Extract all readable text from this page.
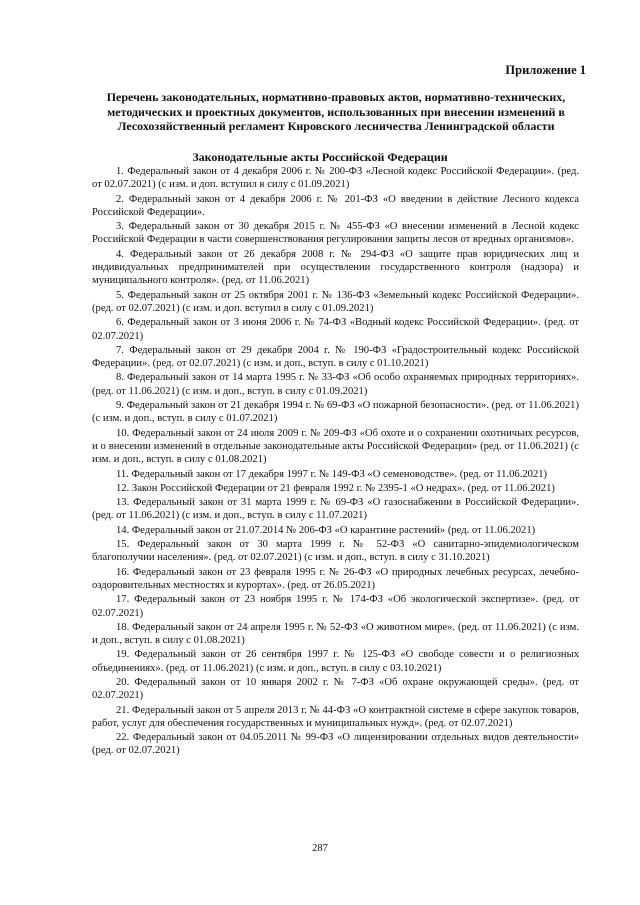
Приложение 1
Перечень законодательных, нормативно-правовых актов, нормативно-технических, методических и проектных документов, использованных при внесении изменений в Лесохозяйственный регламент Кировского лесничества Ленинградской области
Законодательные акты Российской Федерации

1. Федеральный закон от 4 декабря 2006 г. № 200-ФЗ «Лесной кодекс Российской Федерации». (ред. от 02.07.2021) (с изм. и доп. вступил в силу с 01.09.2021)

2. Федеральный закон от 4 декабря 2006 г. № 201-ФЗ «О введении в действие Лесного кодекса Российской Федерации».

3. Федеральный закон от 30 декабря 2015 г. № 455-ФЗ «О внесении изменений в Лесной кодекс Российской Федерации в части совершенствования регулирования защиты лесов от вредных организмов».

4. Федеральный закон от 26 декабря 2008 г. № 294-ФЗ «О защите прав юридических лиц и индивидуальных предпринимателей при осуществлении государственного контроля (надзора) и муниципального контроля». (ред. от 11.06.2021)

5. Федеральный закон от 25 октября 2001 г. № 136-ФЗ «Земельный кодекс Российской Федерации». (ред. от 02.07.2021) (с изм. и доп. вступил в силу с 01.09.2021)

6. Федеральный закон от 3 июня 2006 г. № 74-ФЗ «Водный кодекс Российской Федерации». (ред. от 02.07.2021)

7. Федеральный закон от 29 декабря 2004 г. № 190-ФЗ «Градостроительный кодекс Российской Федерации». (ред. от 02.07.2021) (с изм. и доп., вступ. в силу с 01.10.2021)

8. Федеральный закон от 14 марта 1995 г. № 33-ФЗ «Об особо охраняемых природных территориях». (ред. от 11.06.2021) (с изм. и доп., вступ. в силу с 01.09.2021)

9. Федеральный закон от 21 декабря 1994 г. № 69-ФЗ «О пожарной безопасности». (ред. от 11.06.2021) (с изм. и доп., вступ. в силу с 01.07.2021)

10. Федеральный закон от 24 июля 2009 г. № 209-ФЗ «Об охоте и о сохранении охотничьих ресурсов, и о внесении изменений в отдельные законодательные акты Российской Федерации» (ред. от 11.06.2021) (с изм. и доп., вступ. в силу с 01.08.2021)

11. Федеральный закон от 17 декабря 1997 г. № 149-ФЗ «О семеноводстве». (ред. от 11.06.2021)

12. Закон Российской Федерации от 21 февраля 1992 г. № 2395-1 «О недрах». (ред. от 11.06.2021)

13. Федеральный закон от 31 марта 1999 г. № 69-ФЗ «О газоснабжении в Российской Федерации». (ред. от 11.06.2021) (с изм. и доп., вступ. в силу с 11.07.2021)

14. Федеральный закон от 21.07.2014 № 206-ФЗ «О карантине растений» (ред. от 11.06.2021)

15. Федеральный закон от 30 марта 1999 г. № 52-ФЗ «О санитарно-эпидемиологическом благополучии населения». (ред. от 02.07.2021) (с изм. и доп., вступ. в силу с 31.10.2021)

16. Федеральный закон от 23 февраля 1995 г. № 26-ФЗ «О природных лечебных ресурсах, лечебно-оздоровительных местностях и курортах». (ред. от 26.05.2021)

17. Федеральный закон от 23 ноября 1995 г. № 174-ФЗ «Об экологической экспертизе». (ред. от 02.07.2021)

18. Федеральный закон от 24 апреля 1995 г. № 52-ФЗ «О животном мире». (ред. от 11.06.2021) (с изм. и доп., вступ. в силу с 01.08.2021)

19. Федеральный закон от 26 сентября 1997 г. № 125-ФЗ «О свободе совести и о религиозных объединениях». (ред. от 11.06.2021) (с изм. и доп., вступ. в силу с 03.10.2021)

20. Федеральный закон от 10 января 2002 г. № 7-ФЗ «Об охране окружающей среды». (ред. от 02.07.2021)

21. Федеральный закон от 5 апреля 2013 г. № 44-ФЗ «О контрактной системе в сфере закупок товаров, работ, услуг для обеспечения государственных и муниципальных нужд». (ред. от 02.07.2021)

22. Федеральный закон от 04.05.2011 № 99-ФЗ «О лицензировании отдельных видов деятельности» (ред. от 02.07.2021)

287
